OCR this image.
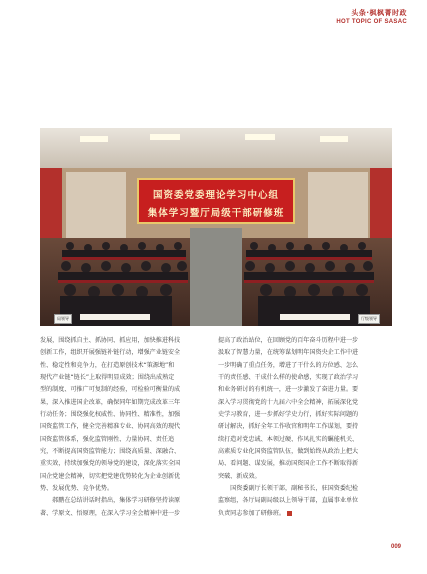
头条·枫枫菁时政
HOT TOPIC OF SASAC
国资委党委理论学习中心组
集体学习暨厅局级干部研修班
局领导	厅级领导
发展，围绕抓自主、抓协同、抓应用，加快推进科技
创新工作，组织开展强链补链行动，增强产业链安全
性、稳定性和竞争力，在打造原创技术“策源地”和
现代产业链“链长”上取得明显成效；围绕出成熟定
型的制度、可推广可复制的经验，可检验可衡量的成
果，深入推进国企改革，确保同年如期完成改革三年
行动任务；围绕强化权威性、协同性、精准性，加强
国资监管工作，健全完善精准专业、协同高效的现代
国资监管体系，强化监管刚性、力量协同、责任追
究，不断提高国资监管能力；围绕高质量、深融合、
重实效，持续加强党的领导党的建设，深化落实全国
国企党建会精神，切实把党建优势转化为企业创新优
势、发展优势、竞争优势。
　　郝鹏在总结讲话时指出，集体学习研修坚持读原
著、学原文、悟原理，在深入学习全会精神中进一步
提高了政治站位，在回顾党的百年奋斗历程中进一步
汲取了智慧力量，在统筹谋划明年国资央企工作中进
一步明确了重点任务，增进了干什么的方位感、怎么
干的责任感、干成什么样的使命感，实现了政治学习
和业务研讨的有机统一，进一步激发了奋进力量。要
深入学习贯彻党的十九届六中全会精神，拓展深化党
史学习教育，进一步抓好学史力行，抓好实际问题的
研讨解决，抓好全年工作收官和明年工作谋划，要持
续打造对党忠诚、本领过硬、作风扎实的瞩能机关、
高素质专业化国资监管队伍，做到始终从政治上把大
局、看问题、谋发展，推动国资国企工作不断取得新
突破、新成效。
　　国资委副厅长领干部，副秘书长，驻国资委纪检
监察组，各厅局副局级以上领导干部，直属事业单位
负责同志参加了研修班。
009
